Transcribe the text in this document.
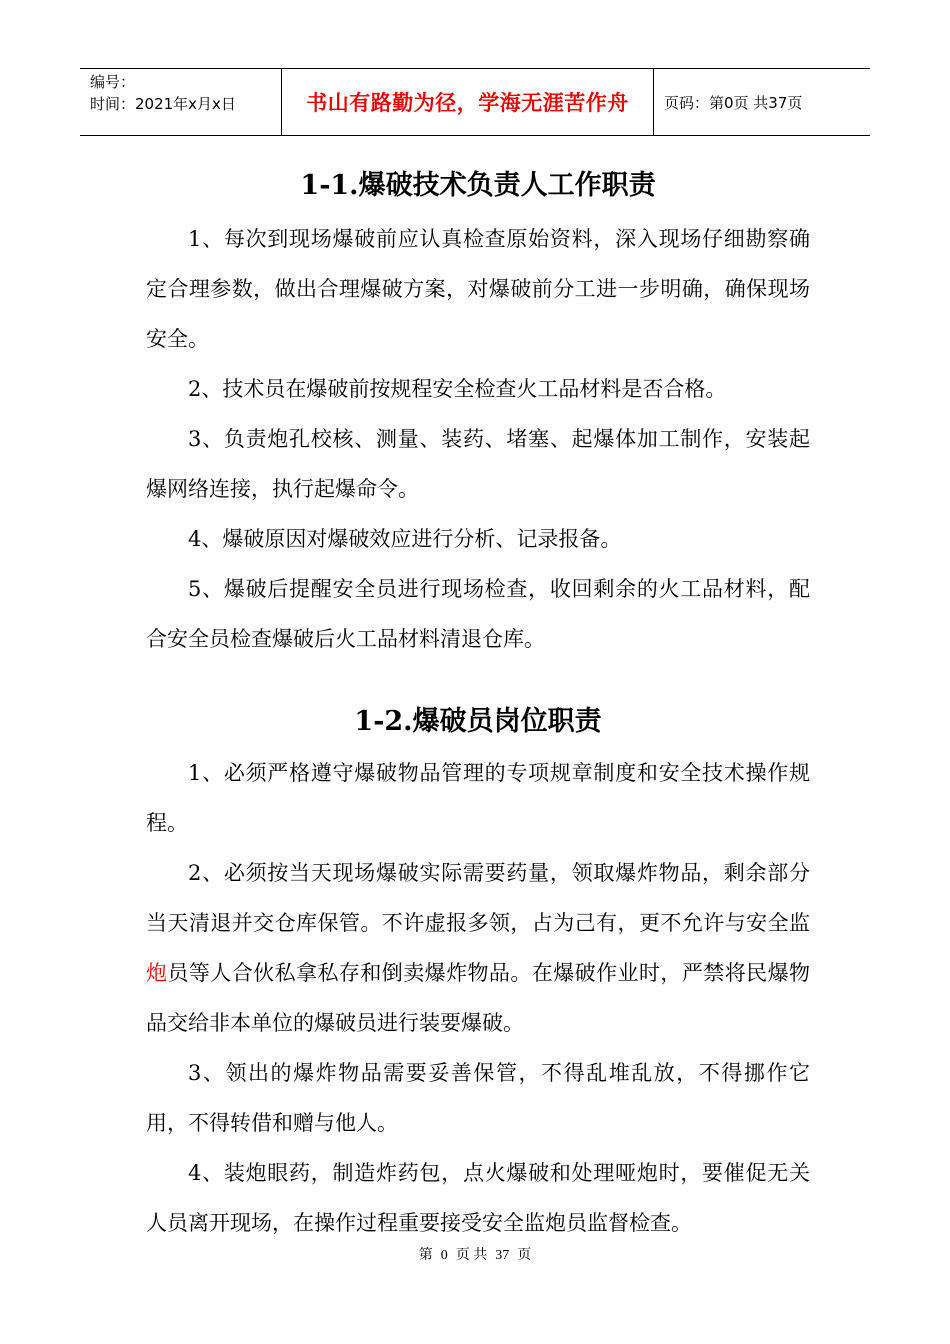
编号：
时间：2021年x月x日	书山有路勤为径，学海无涯苦作舟	页码：第0页 共37页
1-1.爆破技术负责人工作职责

1、每次到现场爆破前应认真检查原始资料，深入现场仔细勘察确定合理参数，做出合理爆破方案，对爆破前分工进一步明确，确保现场安全。

2、技术员在爆破前按规程安全检查火工品材料是否合格。

3、负责炮孔校核、测量、装药、堵塞、起爆体加工制作，安装起爆网络连接，执行起爆命令。

4、爆破原因对爆破效应进行分析、记录报备。

5、爆破后提醒安全员进行现场检查，收回剩余的火工品材料，配合安全员检查爆破后火工品材料清退仓库。

1-2.爆破员岗位职责

1、必须严格遵守爆破物品管理的专项规章制度和安全技术操作规程。

2、必须按当天现场爆破实际需要药量，领取爆炸物品，剩余部分当天清退并交仓库保管。不许虚报多领，占为己有，更不允许与安全监炮员等人合伙私拿私存和倒卖爆炸物品。在爆破作业时，严禁将民爆物品交给非本单位的爆破员进行装要爆破。

3、领出的爆炸物品需要妥善保管，不得乱堆乱放，不得挪作它用，不得转借和赠与他人。

4、装炮眼药，制造炸药包，点火爆破和处理哑炮时，要催促无关人员离开现场，在操作过程重要接受安全监炮员监督检查。

第 0 页 共 37 页
